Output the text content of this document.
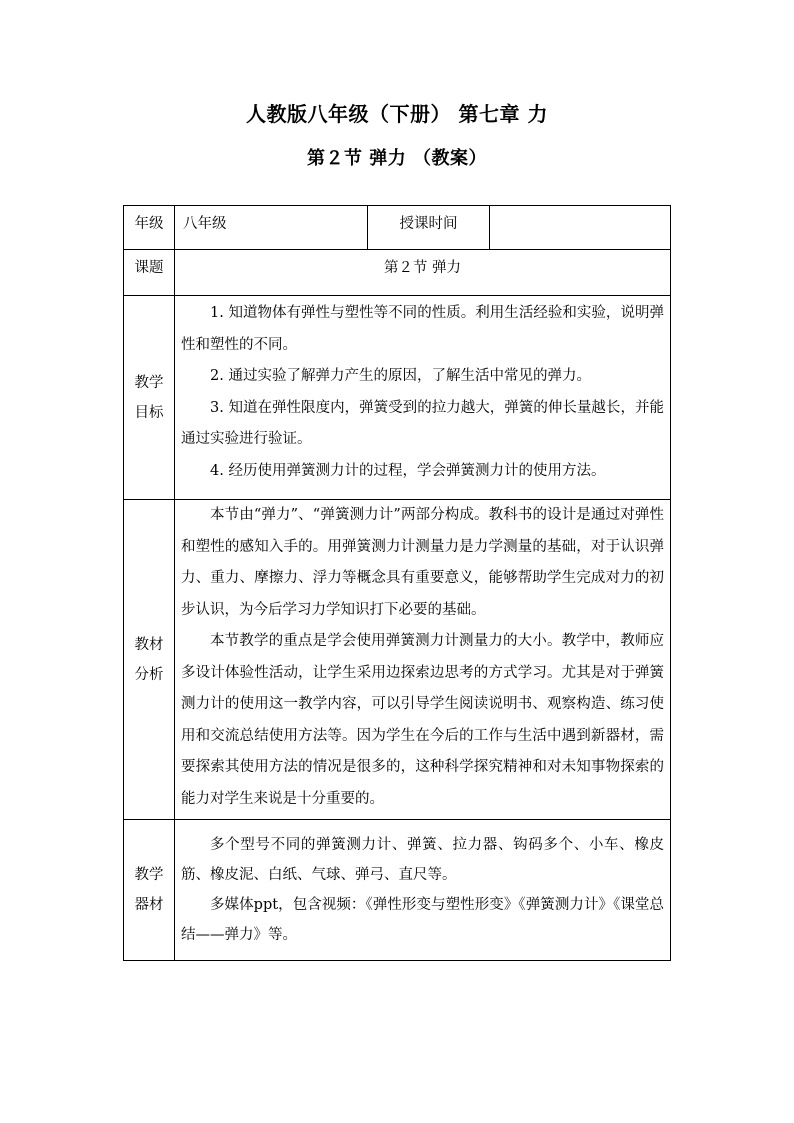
人教版八年级（下册） 第七章 力
第２节 弹力 （教案）
年级	八年级	授课时间	
课题	第２节 弹力		
教学目标	1. 知道物体有弹性与塑性等不同的性质。利用生活经验和实验，说明弹性和塑性的不同。

2. 通过实验了解弹力产生的原因，了解生活中常见的弹力。

3. 知道在弹性限度内，弹簧受到的拉力越大，弹簧的伸长量越长，并能通过实验进行验证。

4. 经历使用弹簧测力计的过程，学会弹簧测力计的使用方法。		

教材分析	本节由“弹力”、“弹簧测力计”两部分构成。教科书的设计是通过对弹性和塑性的感知入手的。用弹簧测力计测量力是力学测量的基础，对于认识弹力、重力、摩擦力、浮力等概念具有重要意义，能够帮助学生完成对力的初步认识，为今后学习力学知识打下必要的基础。

本节教学的重点是学会使用弹簧测力计测量力的大小。教学中，教师应多设计体验性活动，让学生采用边探索边思考的方式学习。尤其是对于弹簧测力计的使用这一教学内容，可以引导学生阅读说明书、观察构造、练习使用和交流总结使用方法等。因为学生在今后的工作与生活中遇到新器材，需要探索其使用方法的情况是很多的，这种科学探究精神和对未知事物探索的能力对学生来说是十分重要的。		

教学器材	多个型号不同的弹簧测力计、弹簧、拉力器、钩码多个、小车、橡皮筋、橡皮泥、白纸、气球、弹弓、直尺等。

多媒体ppt，包含视频：《弹性形变与塑性形变》《弹簧测力计》《课堂总结——弹力》等。		
